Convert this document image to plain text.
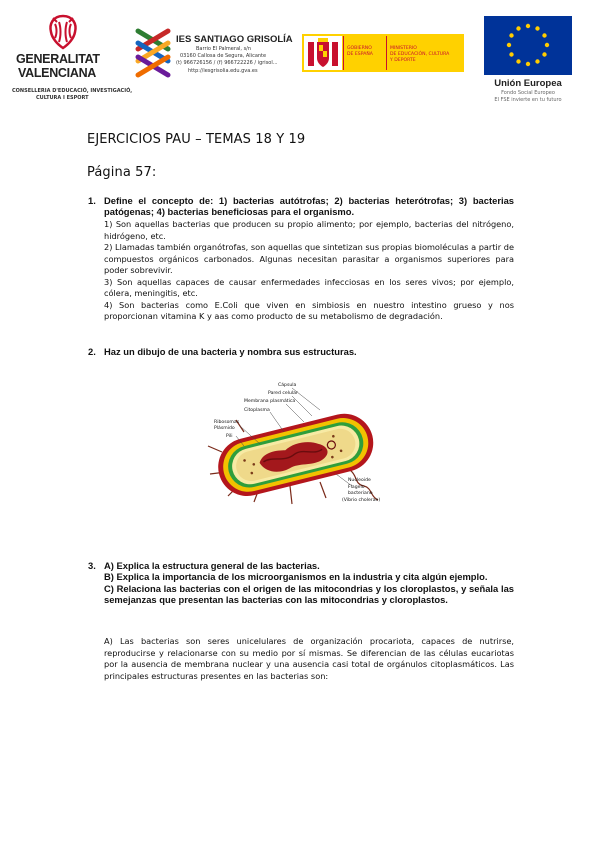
GENERALITAT
VALENCIANA
CONSELLERIA D'EDUCACIÓ, INVESTIGACIÓ,
CULTURA I ESPORT
IES SANTIAGO GRISOLÍA
Barrio El Palmeral, s/n
03160 Callosa de Segura, Alicante
(t) 966726156 / (f) 966722226 / igrisol...
http://iesgrisolia.edu.gva.es
GOBIERNO
DE ESPAÑA
MINISTERIO
DE EDUCACIÓN, CULTURA
Y DEPORTE
Unión Europea
Fondo Social Europeo
El FSE invierte en tu futuro
EJERCICIOS PAU – TEMAS 18 Y 19
Página 57:
1. Define el concepto de: 1) bacterias autótrofas; 2) bacterias heterótrofas; 3) bacterias patógenas; 4) bacterias beneficiosas para el organismo.

1) Son aquellas bacterias que producen su propio alimento; por ejemplo, bacterias del nitrógeno, hidrógeno, etc.

2) Llamadas también organótrofas, son aquellas que sintetizan sus propias biomoléculas a partir de compuestos orgánicos carbonados. Algunas necesitan parasitar a organismos superiores para poder sobrevivir.

3) Son aquellas capaces de causar enfermedades infecciosas en los seres vivos; por ejemplo, cólera, meningitis, etc.

4) Son bacterias como E.Coli que viven en simbiosis en nuestro intestino grueso y nos proporcionan vitamina K y aas como producto de su metabolismo de degradación.

2. Haz un dibujo de una bacteria y nombra sus estructuras.
Cápsula
Pared celular
Membrana plasmática
Citoplasma
Ribosomas
Plásmido
Pili
Nucleoide
Flagelo
bacteriano
(Vibrio cholerae)
3. A) Explica la estructura general de las bacterias.
B) Explica la importancia de los microorganismos en la industria y cita algún ejemplo.
C) Relaciona las bacterias con el origen de las mitocondrias y los cloroplastos, y señala las semejanzas que presentan las bacterias con las mitocondrias y cloroplastos.
A) Las bacterias son seres unicelulares de organización procariota, capaces de nutrirse, reproducirse y relacionarse con su medio por sí mismas. Se diferencian de las células eucariotas por la ausencia de membrana nuclear y una ausencia casi total de orgánulos citoplasmáticos. Las principales estructuras presentes en las bacterias son:
